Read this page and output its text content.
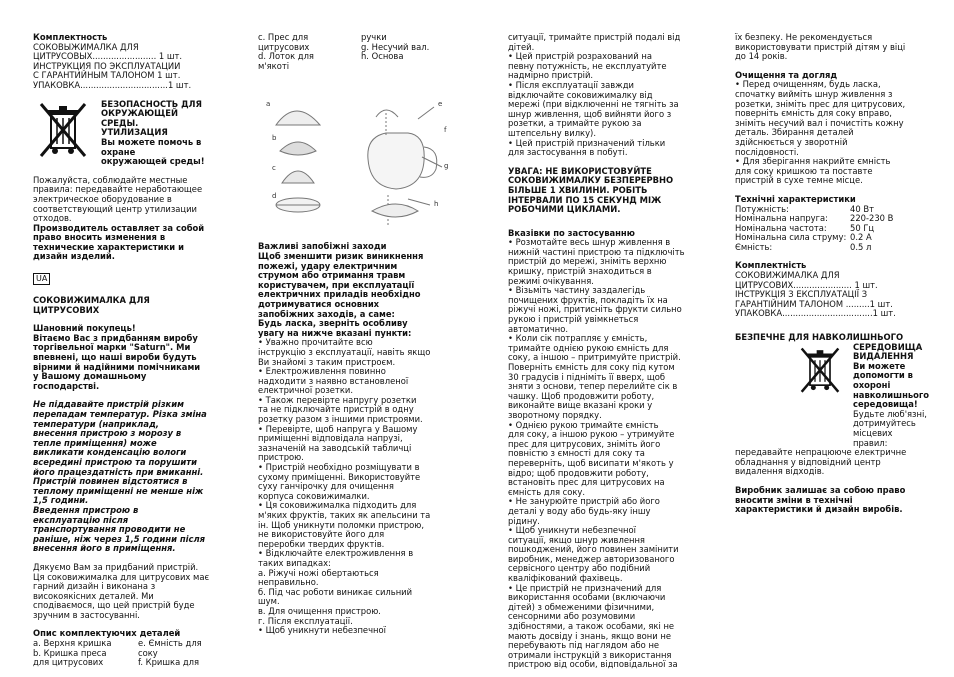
Комплектность

СОКОВЫЖИМАЛКА ДЛЯ

ЦИТРУСОВЫХ........................ 1 шт.

ИНСТРУКЦИЯ ПО ЭКСПЛУАТАЦИИ

С ГАРАНТИЙНЫМ ТАЛОНОМ 1 шт.

УПАКОВКА.................................1 шт.

БЕЗОПАСНОСТЬ ДЛЯ

ОКРУЖАЮЩЕЙ

СРЕДЫ.

УТИЛИЗАЦИЯ

Вы можете помочь в

охране

окружающей среды!

Пожалуйста, соблюдайте местные

правила: передавайте неработающее

электрическое оборудование в

соответствующий центр утилизации

отходов.

Производитель оставляет за собой

право вносить изменения в

технические характеристики и

дизайн изделий.

UA

СОКОВИЖИМАЛКА ДЛЯ

ЦИТРУСОВИХ

Шановний покупець!

Вітаємо Вас з придбанням виробу

торгівельної марки "Saturn". Ми

впевнені, що наші вироби будуть

вірними й надійними помічниками

у Вашому домашньому

господарстві.

Не піддавайте пристрій різким

перепадам температур. Різка зміна

температури (наприклад,

внесення пристрою з морозу в

тепле приміщення) може

викликати конденсацію вологи

всередині пристрою та порушити

його працездатність при вмиканні.

Пристрій повинен відстоятися в

теплому приміщенні не менше ніж

1,5 години.

Введення пристрою в

експлуатацію після

транспортування проводити не

раніше, ніж через 1,5 години після

внесення його в приміщення.

Дякуємо Вам за придбаний пристрій.

Ця соковижималка для цитрусових має

гарний дизайн і виконана з

високоякісних деталей. Ми

сподіваємося, що цей пристрій буде

зручним в застосуванні.

Опис комплектуючих деталей

a. Верхня кришка	e. Ємність для
b. Кришка преса	соку
для цитрусових	f. Кришка для
c. Прес для	ручки
цитрусових	g. Несучий вал.
d. Лоток для	h. Основа
м'якоті
a
b
c
d
e
f
g
h

Важливі запобіжні заходи

Щоб зменшити ризик виникнення

пожежі, удару електричним

струмом або отримання травм

користувачем, при експлуатації

електричних приладів необхідно

дотримуватися основних

запобіжних заходів, а саме:

Будь ласка, зверніть особливу

увагу на нижче вказані пункти:

• Уважно прочитайте всю

інструкцію з експлуатації, навіть якщо

Ви знайомі з таким пристроєм.

• Електроживлення повинно

надходити з наявно встановленої

електричної розетки.

• Також перевірте напругу розетки

та не підключайте пристрій в одну

розетку разом з іншими пристроями.

• Перевірте, щоб напруга у Вашому

приміщенні відповідала напрузі,

зазначеній на заводській табличці

пристрою.

• Пристрій необхідно розміщувати в

сухому приміщенні. Використовуйте

суху ганчірочку для очищення

корпуса соковижималки.

• Ця соковижималка підходить для

м'яких фруктів, таких як апельсини та

ін. Щоб уникнути поломки пристрою,

не використовуйте його для

переробки твердих фруктів.

• Відключайте електроживлення в

таких випадках:

а. Рiжучi ножі обертаються

неправильно.

б. Під час роботи виникає сильний

шум.

в. Для очищення пристрою.

г. Після експлуатації.

• Щоб уникнути небезпечної

ситуації, тримайте пристрій подалі від

дітей.

• Цей пристрій розрахований на

певну потужність, не експлуатуйте

надмірно пристрій.

• Після експлуатації завжди

відключайте соковижималку від

мережі (при відключенні не тягніть за

шнур живлення, щоб вийняти його з

розетки, а тримайте рукою за

штепсельну вилку).

• Цей пристрій призначений тільки

для застосування в побуті.

УВАГА: НЕ ВИКОРИСТОВУЙТЕ

СОКОВИЖИМАЛКУ БЕЗПЕРЕРВНО

БІЛЬШЕ 1 ХВИЛИНИ. РОБІТЬ

ІНТЕРВАЛИ ПО 15 СЕКУНД МІЖ

РОБОЧИМИ ЦИКЛАМИ.

Вказівки по застосуванню

• Розмотайте весь шнур живлення в

нижній частині пристрою та підключіть

пристрій до мережі, зніміть верхню

кришку, пристрій знаходиться в

режимі очікування.

• Візьміть частину заздалегідь

почищених фруктів, покладіть їх на

ріжучі ножі, притисніть фрукти сильно

рукою і пристрій увімкнеться

автоматично.

• Коли сік потрапляє у ємність,

тримайте однією рукою ємність для

соку, а іншою – притримуйте пристрій.

Поверніть ємність для соку під кутом

30 градусів і підніміть її вверх, щоб

зняти з основи, тепер перелийте сік в

чашку. Щоб продовжити роботу,

виконайте вище вказані кроки у

зворотному порядку.

• Однією рукою тримайте ємність

для соку, а іншою рукою – утримуйте

прес для цитрусових, зніміть його

повністю з ємності для соку та

переверніть, щоб висипати м'якоть у

відро; щоб продовжити роботу,

встановіть прес для цитрусових на

ємність для соку.

• Не занурюйте пристрій або його

деталі у воду або будь-яку іншу

рідину.

• Щоб уникнути небезпечної

ситуації, якщо шнур живлення

пошкоджений, його повинен замінити

виробник, менеджер авторизованого

сервісного центру або подібний

кваліфікований фахівець.

• Це пристрій не призначений для

використання особами (включаючи

дітей) з обмеженими фізичними,

сенсорними або розумовими

здібностями, а також особами, які не

мають досвіду і знань, якщо вони не

перебувають під наглядом або не

отримали інструкцій з використання

пристрою від особи, відповідальної за

їх безпеку. Не рекомендується

використовувати пристрій дітям у віці

до 14 років.

Очищення та догляд

• Перед очищенням, будь ласка,

спочатку вийміть шнур живлення з

розетки, зніміть прес для цитрусових,

поверніть ємність для соку вправо,

зніміть несучий вал і почистіть кожну

деталь. Збирання деталей

здійснюється у зворотній

послідовності.

• Для зберігання накрийте ємність

для соку кришкою та поставте

пристрій в сухе темне місце.

Технічні характеристики

Потужність:	40 Вт
Номінальна напруга:	220-230 В
Номінальна частота:	50 Гц
Номінальна сила струму: 0.2 А
Ємність:	0.5 л

Комплектність

СОКОВИЖИМАЛКА ДЛЯ

ЦИТРУСОВИХ...................... 1 шт.

ІНСТРУКЦІЯ З ЕКСПЛУАТАЦІЇ З

ГАРАНТІЙНИМ ТАЛОНОМ .........1 шт.

УПАКОВКА..................................1 шт.

БЕЗПЕЧНЕ ДЛЯ НАВКОЛИШНЬОГО

СЕРЕДОВИЩА

ВИДАЛЕННЯ

Ви можете

допомогти в охороні

навколишнього

середовища!

Будьте люб'язні,

дотримуйтесь

місцевих правил:

передавайте непрацюючe електричне

обладнання у відповідний центр

видалення відходів.

Виробник залишає за собою право

вносити зміни в технічні

характеристики й дизайн виробів.
